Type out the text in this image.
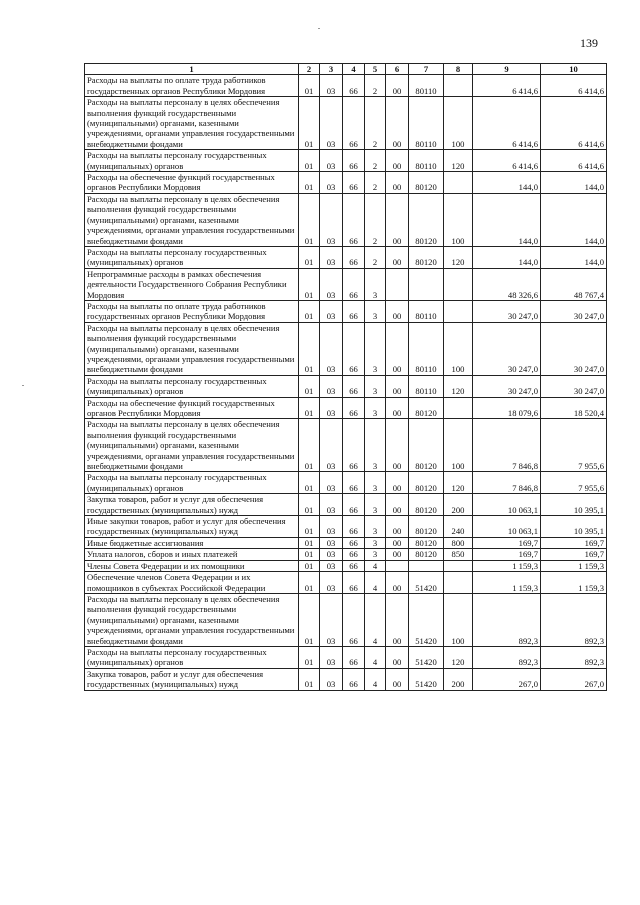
139
1	2	3	4	5	6	7	8	9	10
Расходы на выплаты по оплате труда работников государственных органов Республики Мордовия	01	03	66	2	00	80110		6 414,6	6 414,6
Расходы на выплаты персоналу в целях обеспечения выполнения функций государственными (муниципальными) органами, казенными учреждениями, органами управления государственными внебюджетными фондами	01	03	66	2	00	80110	100	6 414,6	6 414,6
Расходы на выплаты персоналу государственных (муниципальных) органов	01	03	66	2	00	80110	120	6 414,6	6 414,6
Расходы на обеспечение функций государственных органов Республики Мордовия	01	03	66	2	00	80120		144,0	144,0
Расходы на выплаты персоналу в целях обеспечения выполнения функций государственными (муниципальными) органами, казенными учреждениями, органами управления государственными внебюджетными фондами	01	03	66	2	00	80120	100	144,0	144,0
Расходы на выплаты персоналу государственных (муниципальных) органов	01	03	66	2	00	80120	120	144,0	144,0
Непрограммные расходы в рамках обеспечения деятельности Государственного Собрания Республики Мордовия	01	03	66	3				48 326,6	48 767,4
Расходы на выплаты по оплате труда работников государственных органов Республики Мордовия	01	03	66	3	00	80110		30 247,0	30 247,0
Расходы на выплаты персоналу в целях обеспечения выполнения функций государственными (муниципальными) органами, казенными учреждениями, органами управления государственными внебюджетными фондами	01	03	66	3	00	80110	100	30 247,0	30 247,0
Расходы на выплаты персоналу государственных (муниципальных) органов	01	03	66	3	00	80110	120	30 247,0	30 247,0
Расходы на обеспечение функций государственных органов Республики Мордовия	01	03	66	3	00	80120		18 079,6	18 520,4
Расходы на выплаты персоналу в целях обеспечения выполнения функций государственными (муниципальными) органами, казенными учреждениями, органами управления государственными внебюджетными фондами	01	03	66	3	00	80120	100	7 846,8	7 955,6
Расходы на выплаты персоналу государственных (муниципальных) органов	01	03	66	3	00	80120	120	7 846,8	7 955,6
Закупка товаров, работ и услуг для обеспечения государственных (муниципальных) нужд	01	03	66	3	00	80120	200	10 063,1	10 395,1
Иные закупки товаров, работ и услуг для обеспечения государственных (муниципальных) нужд	01	03	66	3	00	80120	240	10 063,1	10 395,1
Иные бюджетные ассигнования	01	03	66	3	00	80120	800	169,7	169,7
Уплата налогов, сборов и иных платежей	01	03	66	3	00	80120	850	169,7	169,7
Члены Совета Федерации и их помощники	01	03	66	4				1 159,3	1 159,3
Обеспечение членов Совета Федерации и их помощников в субъектах Российской Федерации	01	03	66	4	00	51420		1 159,3	1 159,3
Расходы на выплаты персоналу в целях обеспечения выполнения функций государственными (муниципальными) органами, казенными учреждениями, органами управления государственными внебюджетными фондами	01	03	66	4	00	51420	100	892,3	892,3
Расходы на выплаты персоналу государственных (муниципальных) органов	01	03	66	4	00	51420	120	892,3	892,3
Закупка товаров, работ и услуг для обеспечения государственных (муниципальных) нужд	01	03	66	4	00	51420	200	267,0	267,0
